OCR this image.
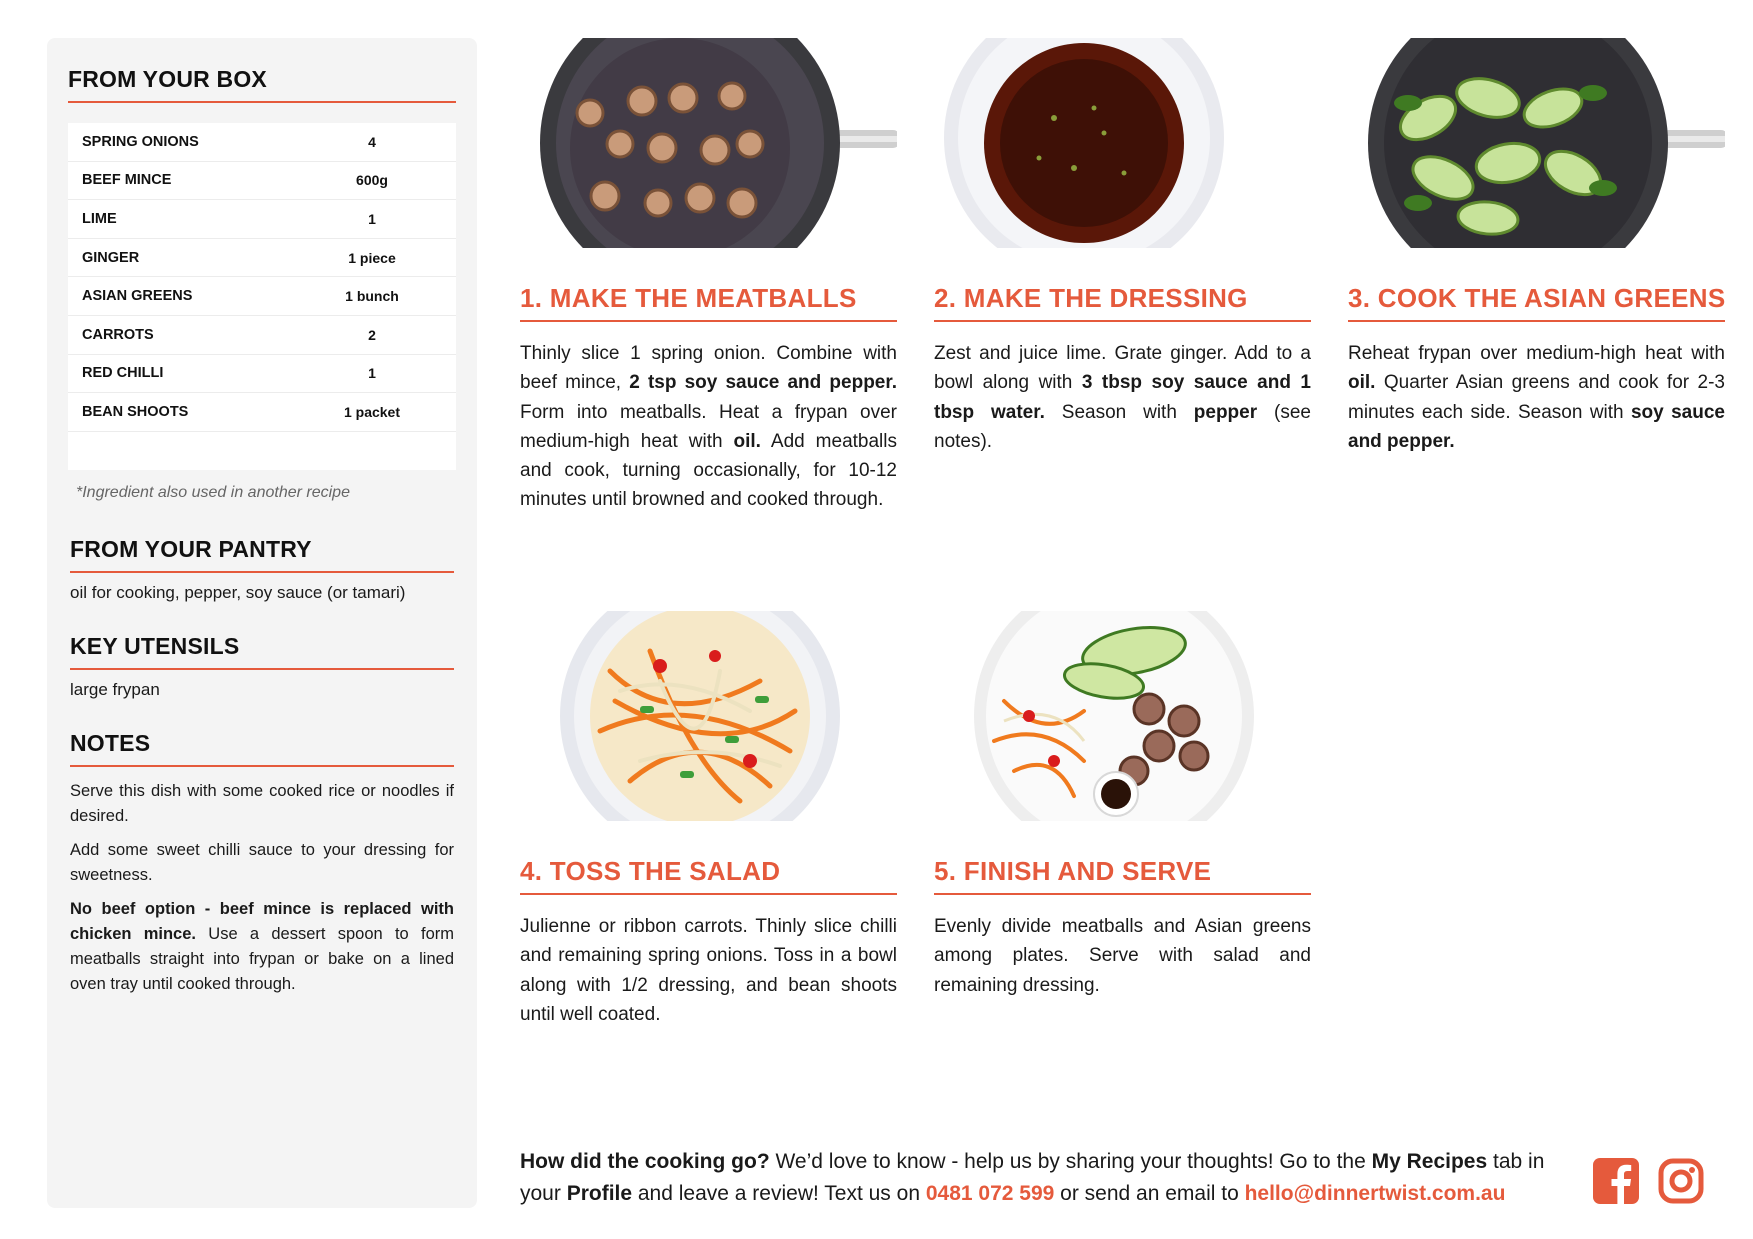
FROM YOUR BOX
SPRING ONIONS	4
BEEF MINCE	600g
LIME	1
GINGER	1 piece
ASIAN GREENS	1 bunch
CARROTS	2
RED CHILLI	1
BEAN SHOOTS	1 packet
*Ingredient also used in another recipe
FROM YOUR PANTRY
oil for cooking, pepper, soy sauce (or tamari)
KEY UTENSILS
large frypan
NOTES

Serve this dish with some cooked rice or noodles if desired.

Add some sweet chilli sauce to your dressing for sweetness.

No beef option - beef mince is replaced with chicken mince. Use a dessert spoon to form meatballs straight into frypan or bake on a lined oven tray until cooked through.

1. MAKE THE MEATBALLS

Thinly slice 1 spring onion. Combine with beef mince, 2 tsp soy sauce and pepper. Form into meatballs. Heat a frypan over medium-high heat with oil. Add meatballs and cook, turning occasionally, for 10-12 minutes until browned and cooked through.

2. MAKE THE DRESSING

Zest and juice lime. Grate ginger. Add to a bowl along with 3 tbsp soy sauce and 1 tbsp water. Season with pepper (see notes).

3. COOK THE ASIAN GREENS

Reheat frypan over medium-high heat with oil. Quarter Asian greens and cook for 2-3 minutes each side. Season with soy sauce and pepper.

4. TOSS THE SALAD

Julienne or ribbon carrots. Thinly slice chilli and remaining spring onions. Toss in a bowl along with 1/2 dressing, and bean shoots until well coated.

5. FINISH AND SERVE

Evenly divide meatballs and Asian greens among plates. Serve with salad and remaining dressing.

How did the cooking go? We’d love to know - help us by sharing your thoughts! Go to the My Recipes tab in your Profile and leave a review! Text us on 0481 072 599 or send an email to hello@dinnertwist.com.au
